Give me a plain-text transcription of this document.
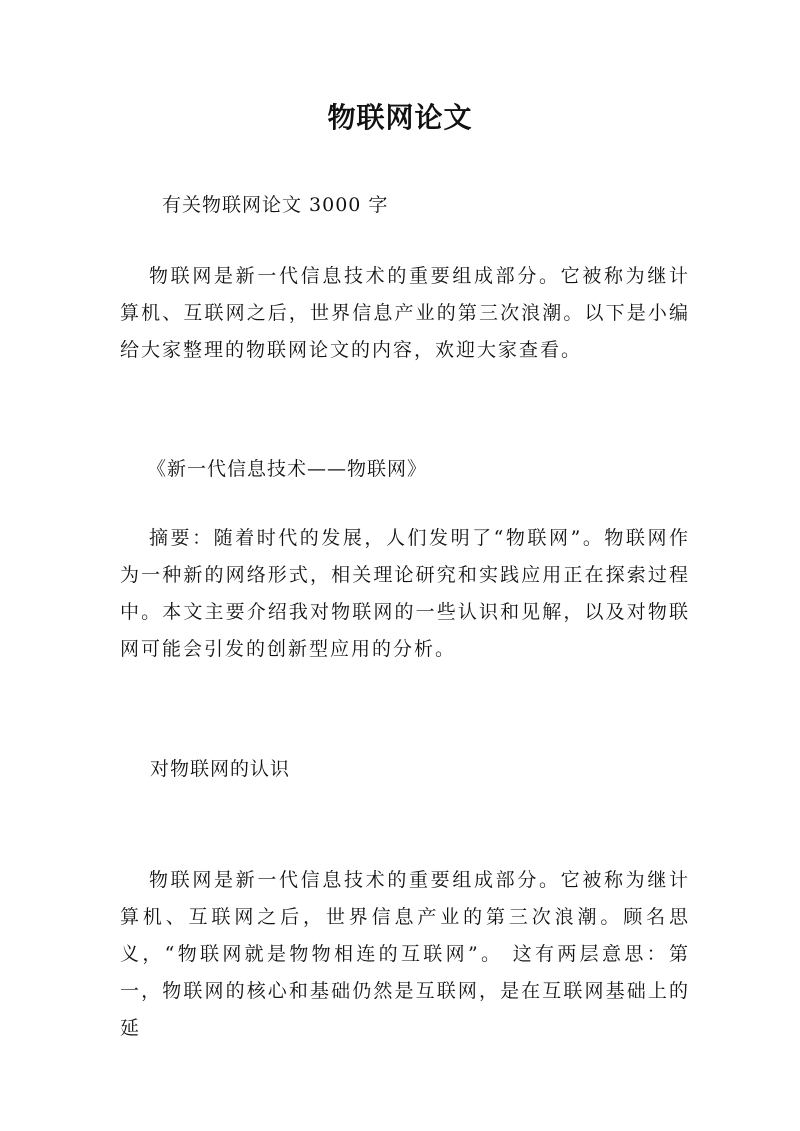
物联网论文
有关物联网论文 3000 字
物联网是新一代信息技术的重要组成部分。它被称为继计算机、互联网之后，世界信息产业的第三次浪潮。以下是小编给大家整理的物联网论文的内容，欢迎大家查看。
《新一代信息技术——物联网》
摘要：随着时代的发展，人们发明了“物联网”。物联网作为一种新的网络形式，相关理论研究和实践应用正在探索过程中。本文主要介绍我对物联网的一些认识和见解，以及对物联网可能会引发的创新型应用的分析。
对物联网的认识
物联网是新一代信息技术的重要组成部分。它被称为继计算机、互联网之后，世界信息产业的第三次浪潮。顾名思义，“物联网就是物物相连的互联网”。 这有两层意思：第一，物联网的核心和基础仍然是互联网，是在互联网基础上的延
